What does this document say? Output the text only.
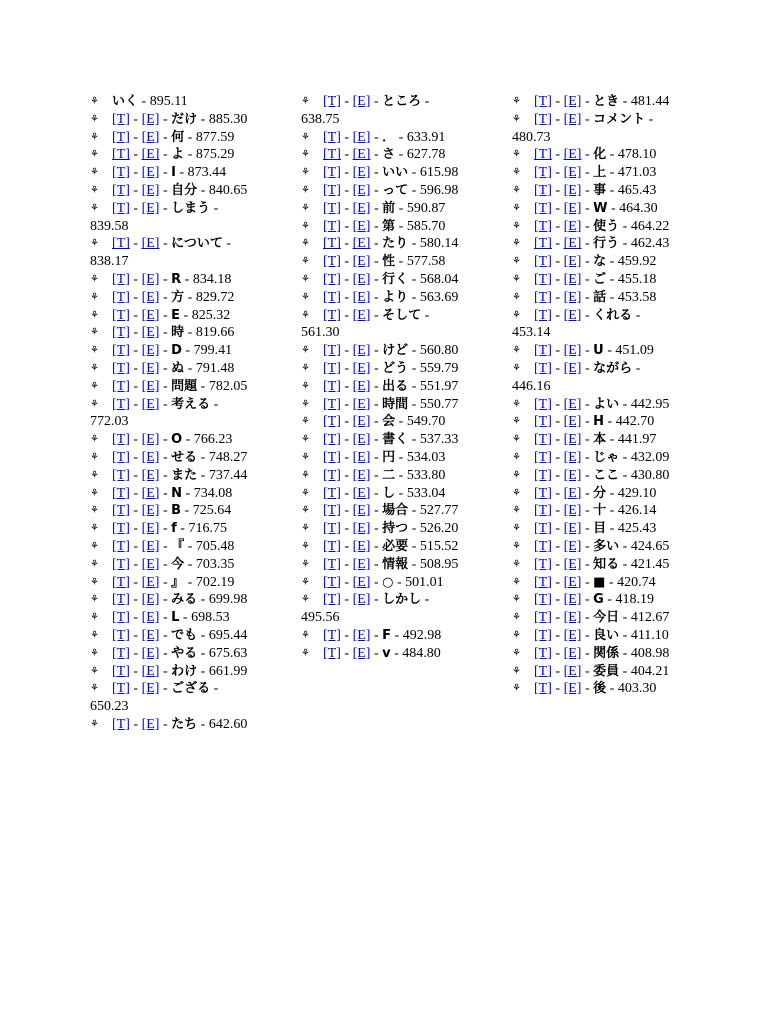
⚘ いく - 895.11
⚘ [T] - [E] - だけ - 885.30
⚘ [T] - [E] - 何 - 877.59
⚘ [T] - [E] - よ - 875.29
⚘ [T] - [E] - I - 873.44
⚘ [T] - [E] - 自分 - 840.65
⚘ [T] - [E] - しまう - 839.58
⚘ [T] - [E] - について - 838.17
⚘ [T] - [E] - R - 834.18
⚘ [T] - [E] - 方 - 829.72
⚘ [T] - [E] - E - 825.32
⚘ [T] - [E] - 時 - 819.66
⚘ [T] - [E] - D - 799.41
⚘ [T] - [E] - ぬ - 791.48
⚘ [T] - [E] - 問題 - 782.05
⚘ [T] - [E] - 考える - 772.03
⚘ [T] - [E] - O - 766.23
⚘ [T] - [E] - せる - 748.27
⚘ [T] - [E] - また - 737.44
⚘ [T] - [E] - N - 734.08
⚘ [T] - [E] - B - 725.64
⚘ [T] - [E] - f - 716.75
⚘ [T] - [E] - 『 - 705.48
⚘ [T] - [E] - 今 - 703.35
⚘ [T] - [E] - 』 - 702.19
⚘ [T] - [E] - みる - 699.98
⚘ [T] - [E] - L - 698.53
⚘ [T] - [E] - でも - 695.44
⚘ [T] - [E] - やる - 675.63
⚘ [T] - [E] - わけ - 661.99
⚘ [T] - [E] - ござる - 650.23
⚘ [T] - [E] - たち - 642.60
⚘ [T] - [E] - ところ - 638.75
⚘ [T] - [E] - ． - 633.91
⚘ [T] - [E] - さ - 627.78
⚘ [T] - [E] - いい - 615.98
⚘ [T] - [E] - って - 596.98
⚘ [T] - [E] - 前 - 590.87
⚘ [T] - [E] - 第 - 585.70
⚘ [T] - [E] - たり - 580.14
⚘ [T] - [E] - 性 - 577.58
⚘ [T] - [E] - 行く - 568.04
⚘ [T] - [E] - より - 563.69
⚘ [T] - [E] - そして - 561.30
⚘ [T] - [E] - けど - 560.80
⚘ [T] - [E] - どう - 559.79
⚘ [T] - [E] - 出る - 551.97
⚘ [T] - [E] - 時間 - 550.77
⚘ [T] - [E] - 会 - 549.70
⚘ [T] - [E] - 書く - 537.33
⚘ [T] - [E] - 円 - 534.03
⚘ [T] - [E] - 二 - 533.80
⚘ [T] - [E] - し - 533.04
⚘ [T] - [E] - 場合 - 527.77
⚘ [T] - [E] - 持つ - 526.20
⚘ [T] - [E] - 必要 - 515.52
⚘ [T] - [E] - 情報 - 508.95
⚘ [T] - [E] - ○ - 501.01
⚘ [T] - [E] - しかし - 495.56
⚘ [T] - [E] - F - 492.98
⚘ [T] - [E] - v - 484.80
⚘ [T] - [E] - とき - 481.44
⚘ [T] - [E] - コメント - 480.73
⚘ [T] - [E] - 化 - 478.10
⚘ [T] - [E] - 上 - 471.03
⚘ [T] - [E] - 事 - 465.43
⚘ [T] - [E] - W - 464.30
⚘ [T] - [E] - 使う - 464.22
⚘ [T] - [E] - 行う - 462.43
⚘ [T] - [E] - な - 459.92
⚘ [T] - [E] - ご - 455.18
⚘ [T] - [E] - 話 - 453.58
⚘ [T] - [E] - くれる - 453.14
⚘ [T] - [E] - U - 451.09
⚘ [T] - [E] - ながら - 446.16
⚘ [T] - [E] - よい - 442.95
⚘ [T] - [E] - H - 442.70
⚘ [T] - [E] - 本 - 441.97
⚘ [T] - [E] - じゃ - 432.09
⚘ [T] - [E] - ここ - 430.80
⚘ [T] - [E] - 分 - 429.10
⚘ [T] - [E] - 十 - 426.14
⚘ [T] - [E] - 目 - 425.43
⚘ [T] - [E] - 多い - 424.65
⚘ [T] - [E] - 知る - 421.45
⚘ [T] - [E] - ■ - 420.74
⚘ [T] - [E] - G - 418.19
⚘ [T] - [E] - 今日 - 412.67
⚘ [T] - [E] - 良い - 411.10
⚘ [T] - [E] - 関係 - 408.98
⚘ [T] - [E] - 委員 - 404.21
⚘ [T] - [E] - 後 - 403.30
